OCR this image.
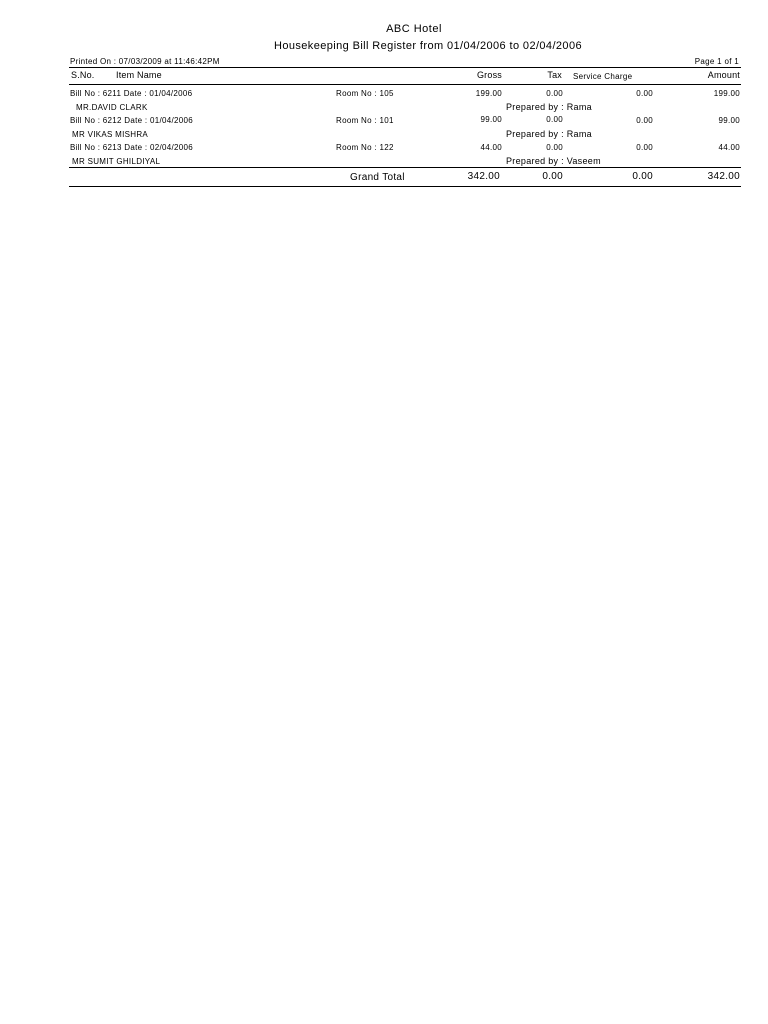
ABC Hotel
Housekeeping Bill Register from 01/04/2006 to 02/04/2006
Printed On : 07/03/2009 at 11:46:42PM	Page 1 of 1
S.No. Item Name	Gross	Tax Service Charge	Amount
Bill No : 6211 Date : 01/04/2006	Room No : 105	199.00	0.00	0.00	199.00
MR.DAVID CLARK	Prepared by : Rama
Bill No : 6212 Date : 01/04/2006	Room No : 101	99.00	0.00	0.00	99.00
MR VIKAS MISHRA	Prepared by : Rama
Bill No : 6213 Date : 02/04/2006	Room No : 122	44.00	0.00	0.00	44.00
MR SUMIT GHILDIYAL	Prepared by : Vaseem
Grand Total	342.00	0.00	0.00	342.00
